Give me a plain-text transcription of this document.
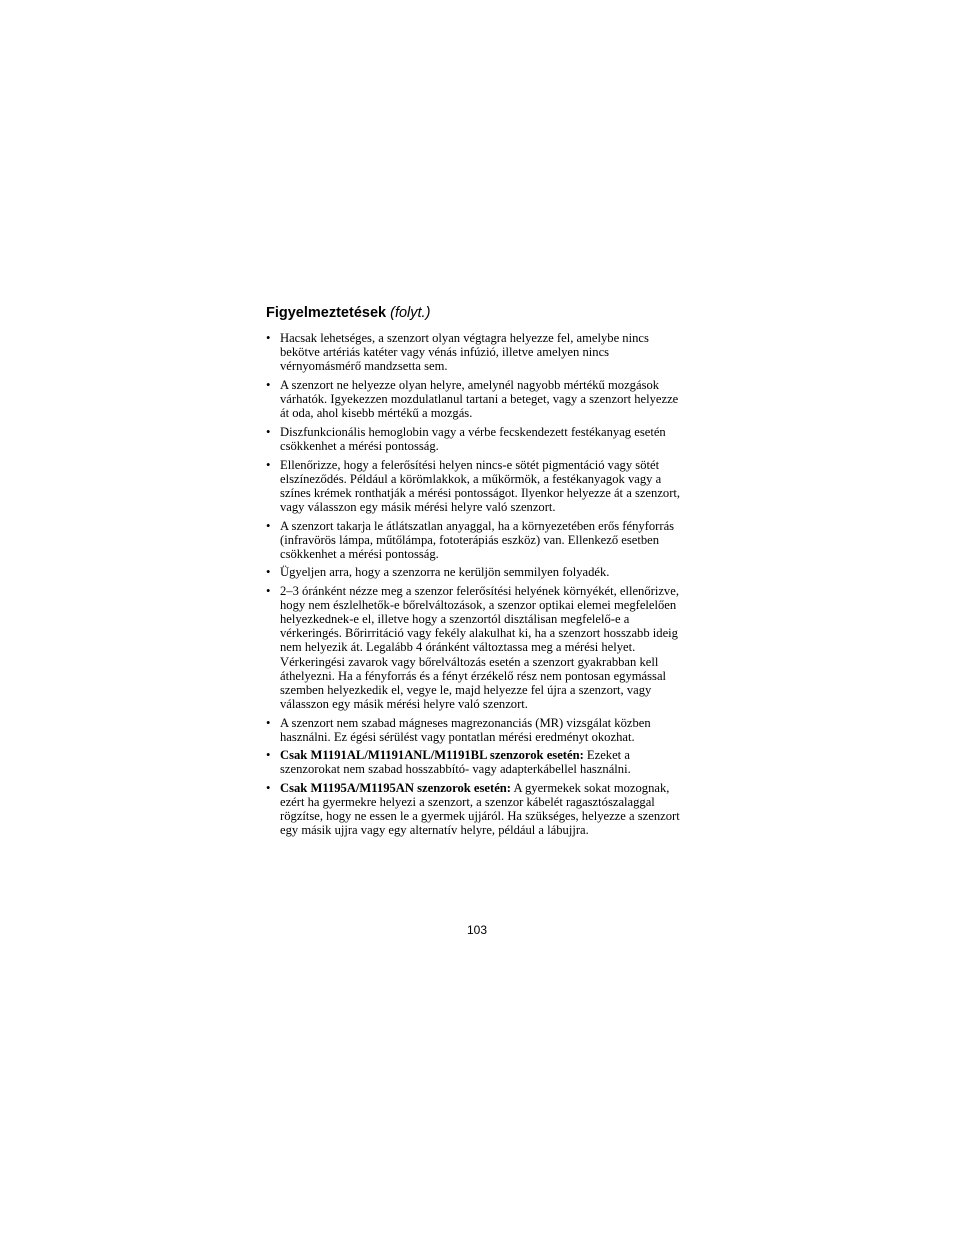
Figyelmeztetések (folyt.)
• Hacsak lehetséges, a szenzort olyan végtagra helyezze fel, amelybe nincs bekötve artériás katéter vagy vénás infúzió, illetve amelyen nincs vérnyomásmérő mandzsetta sem.
• A szenzort ne helyezze olyan helyre, amelynél nagyobb mértékű mozgások várhatók. Igyekezzen mozdulatlanul tartani a beteget, vagy a szenzort helyezze át oda, ahol kisebb mértékű a mozgás.
• Diszfunkcionális hemoglobin vagy a vérbe fecskendezett festékanyag esetén csökkenhet a mérési pontosság.
• Ellenőrizze, hogy a felerősítési helyen nincs-e sötét pigmentáció vagy sötét elszíneződés. Például a körömlakkok, a műkörmök, a festékanyagok vagy a színes krémek ronthatják a mérési pontosságot. Ilyenkor helyezze át a szenzort, vagy válasszon egy másik mérési helyre való szenzort.
• A szenzort takarja le átlátszatlan anyaggal, ha a környezetében erős fényforrás (infravörös lámpa, műtőlámpa, fototerápiás eszköz) van. Ellenkező esetben csökkenhet a mérési pontosság.
• Ügyeljen arra, hogy a szenzorra ne kerüljön semmilyen folyadék.
• 2–3 óránként nézze meg a szenzor felerősítési helyének környékét, ellenőrizve, hogy nem észlelhetők-e bőrelváltozások, a szenzor optikai elemei megfelelően helyezkednek-e el, illetve hogy a szenzortól disztálisan megfelelő-e a vérkeringés. Bőrirritáció vagy fekély alakulhat ki, ha a szenzort hosszabb ideig nem helyezik át. Legalább 4 óránként változtassa meg a mérési helyet. Vérkeringési zavarok vagy bőrelváltozás esetén a szenzort gyakrabban kell áthelyezni. Ha a fényforrás és a fényt érzékelő rész nem pontosan egymással szemben helyezkedik el, vegye le, majd helyezze fel újra a szenzort, vagy válasszon egy másik mérési helyre való szenzort.
• A szenzort nem szabad mágneses magrezonanciás (MR) vizsgálat közben használni. Ez égési sérülést vagy pontatlan mérési eredményt okozhat.
• Csak M1191AL/M1191ANL/M1191BL szenzorok esetén: Ezeket a szenzorokat nem szabad hosszabbító- vagy adapterkábellel használni.
• Csak M1195A/M1195AN szenzorok esetén: A gyermekek sokat mozognak, ezért ha gyermekre helyezi a szenzort, a szenzor kábelét ragasztószalaggal rögzítse, hogy ne essen le a gyermek ujjáról. Ha szükséges, helyezze a szenzort egy másik ujjra vagy egy alternatív helyre, például a lábujjra.
103
